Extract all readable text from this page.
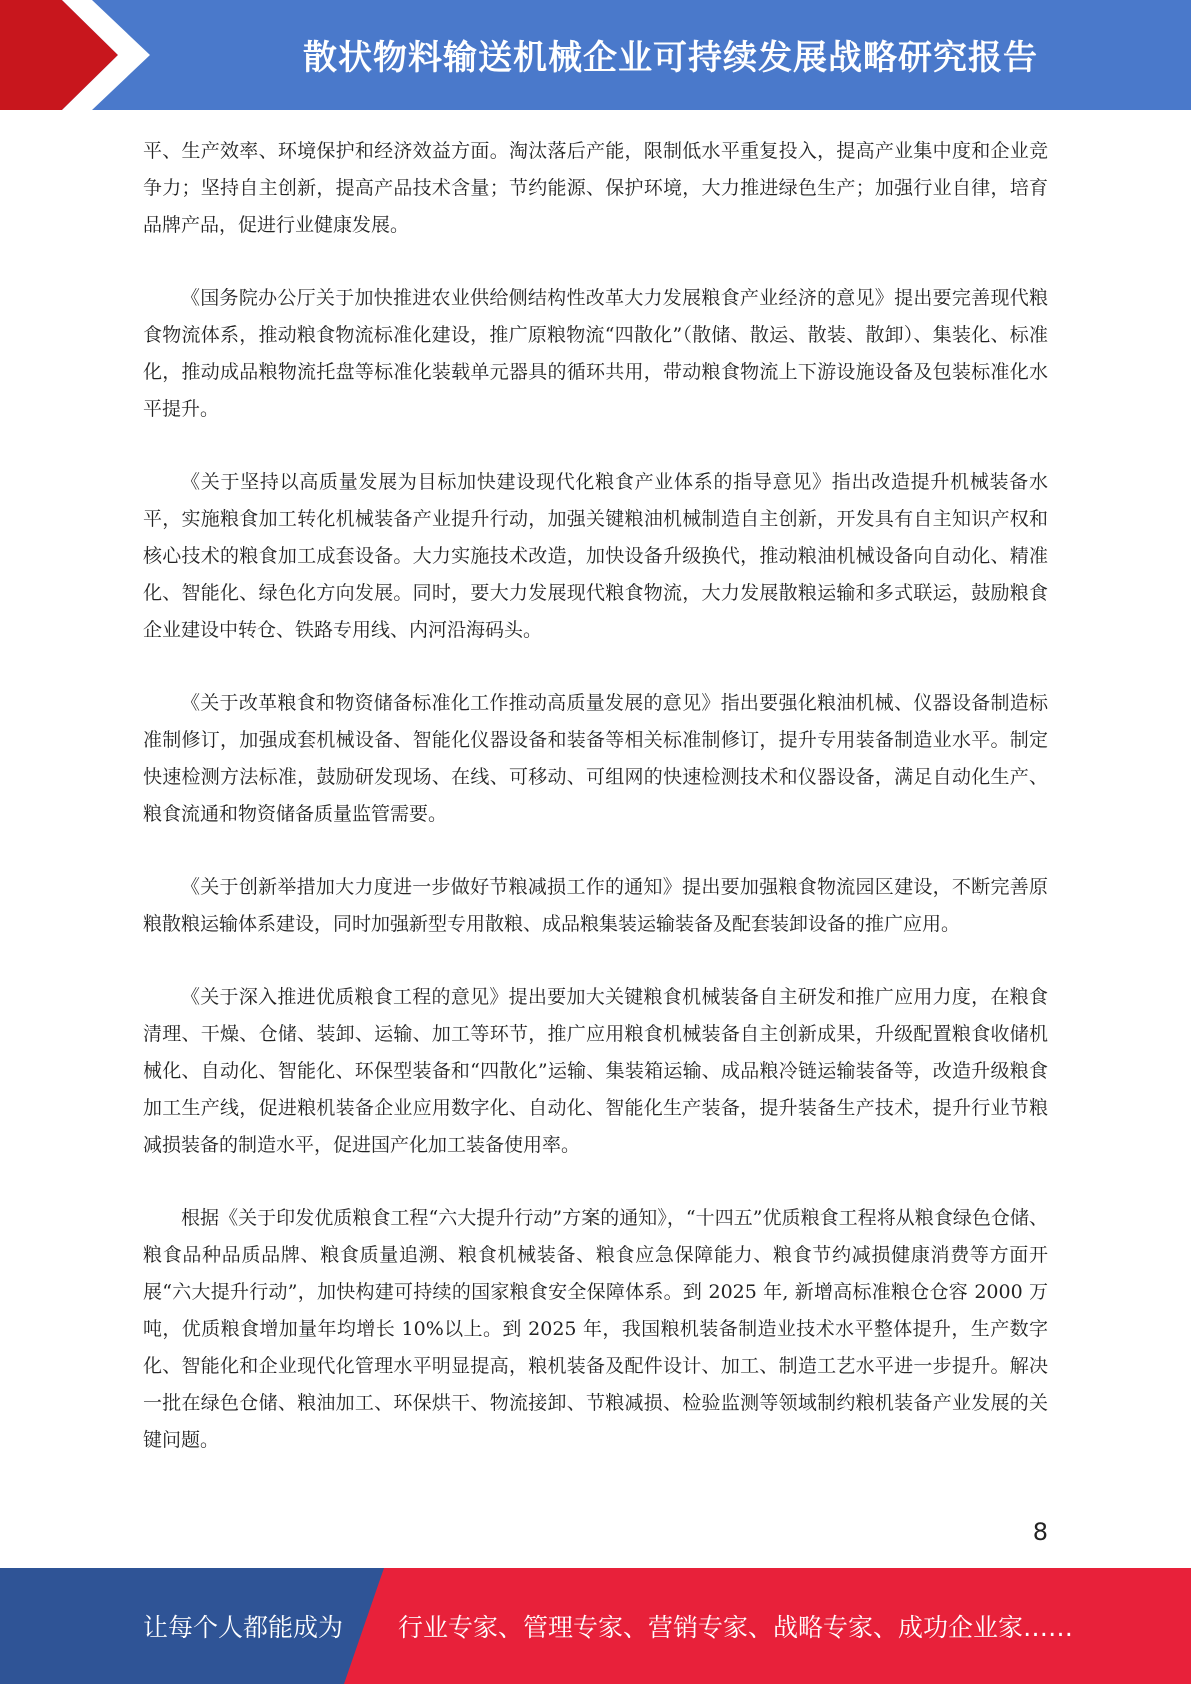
散状物料输送机械企业可持续发展战略研究报告

平、生产效率、环境保护和经济效益方面。淘汰落后产能，限制低水平重复投入，提高产业集中度和企业竞争力；坚持自主创新，提高产品技术含量；节约能源、保护环境，大力推进绿色生产；加强行业自律，培育品牌产品，促进行业健康发展。

《国务院办公厅关于加快推进农业供给侧结构性改革大力发展粮食产业经济的意见》提出要完善现代粮食物流体系，推动粮食物流标准化建设，推广原粮物流“四散化”（散储、散运、散装、散卸）、集装化、标准化，推动成品粮物流托盘等标准化装载单元器具的循环共用，带动粮食物流上下游设施设备及包装标准化水平提升。

《关于坚持以高质量发展为目标加快建设现代化粮食产业体系的指导意见》指出改造提升机械装备水平，实施粮食加工转化机械装备产业提升行动，加强关键粮油机械制造自主创新，开发具有自主知识产权和核心技术的粮食加工成套设备。大力实施技术改造，加快设备升级换代，推动粮油机械设备向自动化、精准化、智能化、绿色化方向发展。同时，要大力发展现代粮食物流，大力发展散粮运输和多式联运，鼓励粮食企业建设中转仓、铁路专用线、内河沿海码头。

《关于改革粮食和物资储备标准化工作推动高质量发展的意见》指出要强化粮油机械、仪器设备制造标准制修订，加强成套机械设备、智能化仪器设备和装备等相关标准制修订，提升专用装备制造业水平。制定快速检测方法标准，鼓励研发现场、在线、可移动、可组网的快速检测技术和仪器设备，满足自动化生产、粮食流通和物资储备质量监管需要。

《关于创新举措加大力度进一步做好节粮减损工作的通知》提出要加强粮食物流园区建设，不断完善原粮散粮运输体系建设，同时加强新型专用散粮、成品粮集装运输装备及配套装卸设备的推广应用。

《关于深入推进优质粮食工程的意见》提出要加大关键粮食机械装备自主研发和推广应用力度，在粮食清理、干燥、仓储、装卸、运输、加工等环节，推广应用粮食机械装备自主创新成果，升级配置粮食收储机械化、自动化、智能化、环保型装备和“四散化”运输、集装箱运输、成品粮冷链运输装备等，改造升级粮食加工生产线，促进粮机装备企业应用数字化、自动化、智能化生产装备，提升装备生产技术，提升行业节粮减损装备的制造水平，促进国产化加工装备使用率。

根据《关于印发优质粮食工程“六大提升行动”方案的通知》，“十四五”优质粮食工程将从粮食绿色仓储、粮食品种品质品牌、粮食质量追溯、粮食机械装备、粮食应急保障能力、粮食节约减损健康消费等方面开展“六大提升行动”，加快构建可持续的国家粮食安全保障体系。到 2025 年, 新增高标准粮仓仓容 2000 万吨，优质粮食增加量年均增长 10%以上。到 2025 年，我国粮机装备制造业技术水平整体提升，生产数字化、智能化和企业现代化管理水平明显提高，粮机装备及配件设计、加工、制造工艺水平进一步提升。解决一批在绿色仓储、粮油加工、环保烘干、物流接卸、节粮减损、检验监测等领域制约粮机装备产业发展的关键问题。

8
让每个人都能成为 行业专家、管理专家、营销专家、战略专家、成功企业家……
